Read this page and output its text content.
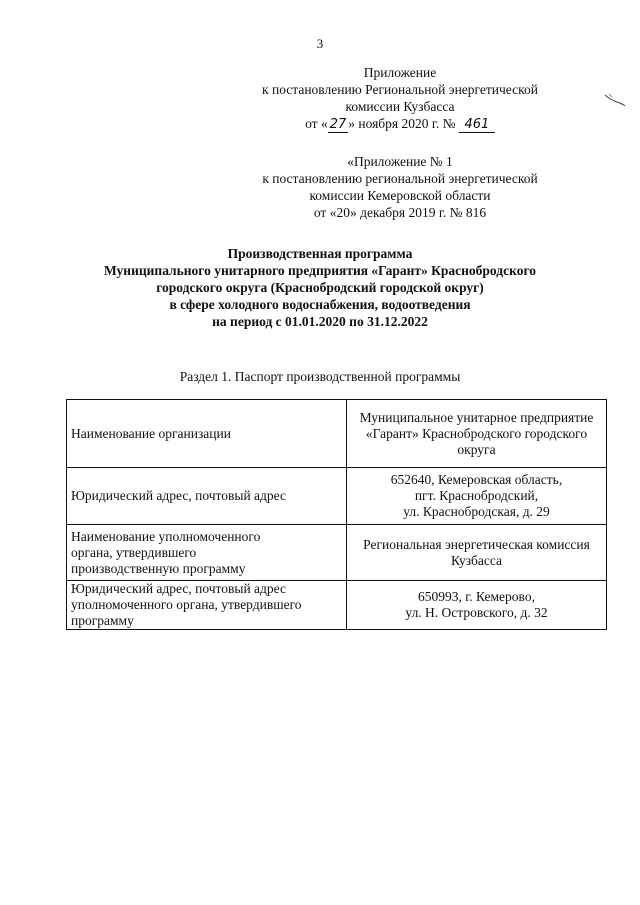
3
Приложение
к постановлению Региональной энергетической
комиссии Кузбасса
от « 27 » ноября 2020 г. № 461
«Приложение № 1
к постановлению региональной энергетической
комиссии Кемеровской области
от «20» декабря 2019 г. № 816
Производственная программа
Муниципального унитарного предприятия «Гарант» Краснобродского
городского округа (Краснобродский городской округ)
в сфере холодного водоснабжения, водоотведения
на период с 01.01.2020 по 31.12.2022
Раздел 1. Паспорт производственной программы
Наименование организации	Муниципальное унитарное предприятие
«Гарант» Краснобродского городского
округа
Юридический адрес, почтовый адрес	652640, Кемеровская область,
пгт. Краснобродский,
ул. Краснобродская, д. 29
Наименование уполномоченного
органа, утвердившего
производственную программу	Региональная энергетическая комиссия
Кузбасса
Юридический адрес, почтовый адрес
уполномоченного органа, утвердившего
программу	650993, г. Кемерово,
ул. Н. Островского, д. 32
